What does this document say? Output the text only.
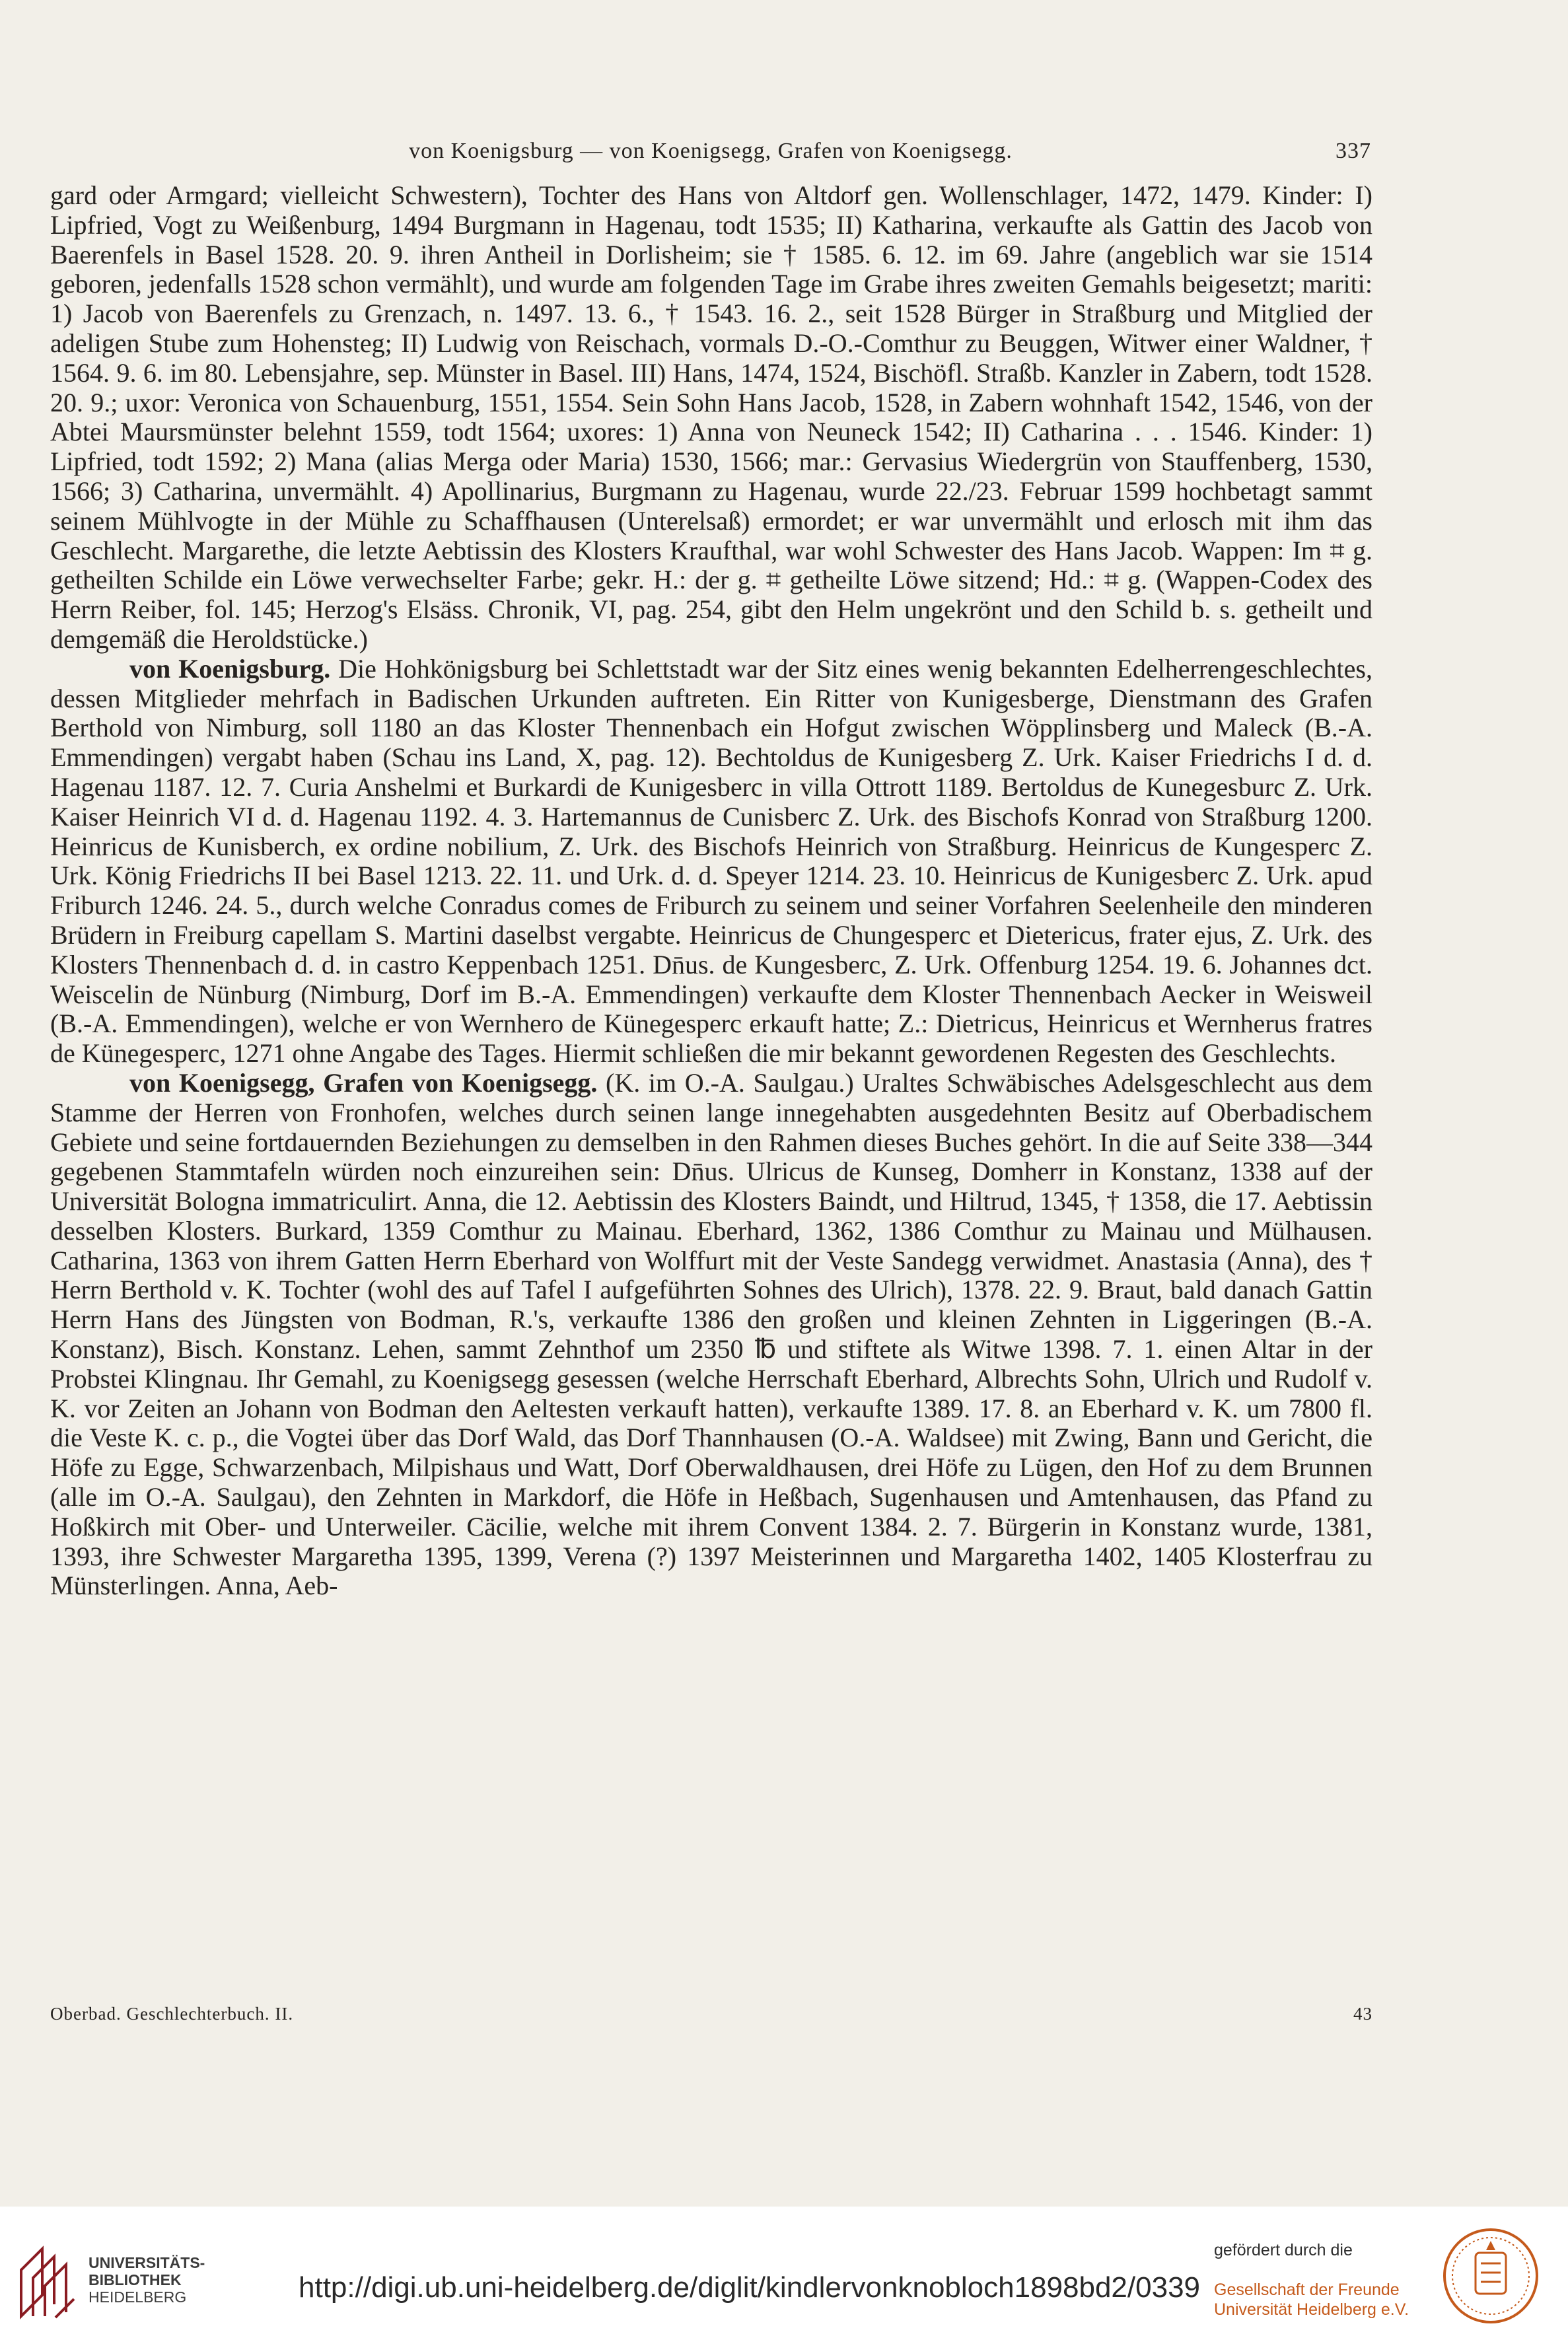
von Koenigsburg — von Koenigsegg, Grafen von Koenigsegg.	337

gard oder Armgard; vielleicht Schwestern), Tochter des Hans von Altdorf gen. Wollenschlager, 1472, 1479. Kinder: I) Lipfried, Vogt zu Weißenburg, 1494 Burgmann in Hagenau, todt 1535; II) Katharina, verkaufte als Gattin des Jacob von Baerenfels in Basel 1528. 20. 9. ihren Antheil in Dorlisheim; sie † 1585. 6. 12. im 69. Jahre (angeblich war sie 1514 geboren, jedenfalls 1528 schon vermählt), und wurde am folgenden Tage im Grabe ihres zweiten Gemahls beigesetzt; mariti: 1) Jacob von Baerenfels zu Grenzach, n. 1497. 13. 6., † 1543. 16. 2., seit 1528 Bürger in Straßburg und Mitglied der adeligen Stube zum Hohensteg; II) Ludwig von Reischach, vormals D.-O.-Comthur zu Beuggen, Witwer einer Waldner, † 1564. 9. 6. im 80. Lebensjahre, sep. Münster in Basel. III) Hans, 1474, 1524, Bischöfl. Straßb. Kanzler in Zabern, todt 1528. 20. 9.; uxor: Veronica von Schauenburg, 1551, 1554. Sein Sohn Hans Jacob, 1528, in Zabern wohnhaft 1542, 1546, von der Abtei Maursmünster belehnt 1559, todt 1564; uxores: 1) Anna von Neuneck 1542; II) Catharina . . . 1546. Kinder: 1) Lipfried, todt 1592; 2) Mana (alias Merga oder Maria) 1530, 1566; mar.: Gervasius Wiedergrün von Stauffenberg, 1530, 1566; 3) Catharina, unvermählt. 4) Apollinarius, Burgmann zu Hagenau, wurde 22./23. Februar 1599 hochbetagt sammt seinem Mühlvogte in der Mühle zu Schaffhausen (Unterelsaß) ermordet; er war unvermählt und erlosch mit ihm das Geschlecht. Margarethe, die letzte Aebtissin des Klosters Kraufthal, war wohl Schwester des Hans Jacob. Wappen: Im ⌗ g. getheilten Schilde ein Löwe verwechselter Farbe; gekr. H.: der g. ⌗ getheilte Löwe sitzend; Hd.: ⌗ g. (Wappen-Codex des Herrn Reiber, fol. 145; Herzog's Elsäss. Chronik, VI, pag. 254, gibt den Helm ungekrönt und den Schild b. s. getheilt und demgemäß die Heroldstücke.)

von Koenigsburg. Die Hohkönigsburg bei Schlettstadt war der Sitz eines wenig bekannten Edelherrengeschlechtes, dessen Mitglieder mehrfach in Badischen Urkunden auftreten. Ein Ritter von Kunigesberge, Dienstmann des Grafen Berthold von Nimburg, soll 1180 an das Kloster Thennenbach ein Hofgut zwischen Wöpplinsberg und Maleck (B.-A. Emmendingen) vergabt haben (Schau ins Land, X, pag. 12). Bechtoldus de Kunigesberg Z. Urk. Kaiser Friedrichs I d. d. Hagenau 1187. 12. 7. Curia Anshelmi et Burkardi de Kunigesberc in villa Ottrott 1189. Bertoldus de Kunegesburc Z. Urk. Kaiser Heinrich VI d. d. Hagenau 1192. 4. 3. Hartemannus de Cunisberc Z. Urk. des Bischofs Konrad von Straßburg 1200. Heinricus de Kunisberch, ex ordine nobilium, Z. Urk. des Bischofs Heinrich von Straßburg. Heinricus de Kungesperc Z. Urk. König Friedrichs II bei Basel 1213. 22. 11. und Urk. d. d. Speyer 1214. 23. 10. Heinricus de Kunigesberc Z. Urk. apud Friburch 1246. 24. 5., durch welche Conradus comes de Friburch zu seinem und seiner Vorfahren Seelenheile den minderen Brüdern in Freiburg capellam S. Martini daselbst vergabte. Heinricus de Chungesperc et Dietericus, frater ejus, Z. Urk. des Klosters Thennenbach d. d. in castro Keppenbach 1251. Dn̄us. de Kungesberc, Z. Urk. Offenburg 1254. 19. 6. Johannes dct. Weiscelin de Nünburg (Nimburg, Dorf im B.-A. Emmendingen) verkaufte dem Kloster Thennenbach Aecker in Weisweil (B.-A. Emmendingen), welche er von Wernhero de Künegesperc erkauft hatte; Z.: Dietricus, Heinricus et Wernherus fratres de Künegesperc, 1271 ohne Angabe des Tages. Hiermit schließen die mir bekannt gewordenen Regesten des Geschlechts.

von Koenigsegg, Grafen von Koenigsegg. (K. im O.-A. Saulgau.) Uraltes Schwäbisches Adelsgeschlecht aus dem Stamme der Herren von Fronhofen, welches durch seinen lange innegehabten ausgedehnten Besitz auf Oberbadischem Gebiete und seine fortdauernden Beziehungen zu demselben in den Rahmen dieses Buches gehört. In die auf Seite 338—344 gegebenen Stammtafeln würden noch einzureihen sein: Dn̄us. Ulricus de Kunseg, Domherr in Konstanz, 1338 auf der Universität Bologna immatriculirt. Anna, die 12. Aebtissin des Klosters Baindt, und Hiltrud, 1345, † 1358, die 17. Aebtissin desselben Klosters. Burkard, 1359 Comthur zu Mainau. Eberhard, 1362, 1386 Comthur zu Mainau und Mülhausen. Catharina, 1363 von ihrem Gatten Herrn Eberhard von Wolffurt mit der Veste Sandegg verwidmet. Anastasia (Anna), des † Herrn Berthold v. K. Tochter (wohl des auf Tafel I aufgeführten Sohnes des Ulrich), 1378. 22. 9. Braut, bald danach Gattin Herrn Hans des Jüngsten von Bodman, R.'s, verkaufte 1386 den großen und kleinen Zehnten in Liggeringen (B.-A. Konstanz), Bisch. Konstanz. Lehen, sammt Zehnthof um 2350 ℔ und stiftete als Witwe 1398. 7. 1. einen Altar in der Probstei Klingnau. Ihr Gemahl, zu Koenigsegg gesessen (welche Herrschaft Eberhard, Albrechts Sohn, Ulrich und Rudolf v. K. vor Zeiten an Johann von Bodman den Aeltesten verkauft hatten), verkaufte 1389. 17. 8. an Eberhard v. K. um 7800 fl. die Veste K. c. p., die Vogtei über das Dorf Wald, das Dorf Thannhausen (O.-A. Waldsee) mit Zwing, Bann und Gericht, die Höfe zu Egge, Schwarzenbach, Milpishaus und Watt, Dorf Oberwaldhausen, drei Höfe zu Lügen, den Hof zu dem Brunnen (alle im O.-A. Saulgau), den Zehnten in Markdorf, die Höfe in Heßbach, Sugenhausen und Amtenhausen, das Pfand zu Hoßkirch mit Ober- und Unterweiler. Cäcilie, welche mit ihrem Convent 1384. 2. 7. Bürgerin in Konstanz wurde, 1381, 1393, ihre Schwester Margaretha 1395, 1399, Verena (?) 1397 Meisterinnen und Margaretha 1402, 1405 Klosterfrau zu Münsterlingen. Anna, Aeb-

Oberbad. Geschlechterbuch. II.	43
UNIVERSITÄTS-
BIBLIOTHEK
HEIDELBERG	http://digi.ub.uni-heidelberg.de/diglit/kindlervonknobloch1898bd2/0339
gefördert durch die
Gesellschaft der Freunde
Universität Heidelberg e.V.
